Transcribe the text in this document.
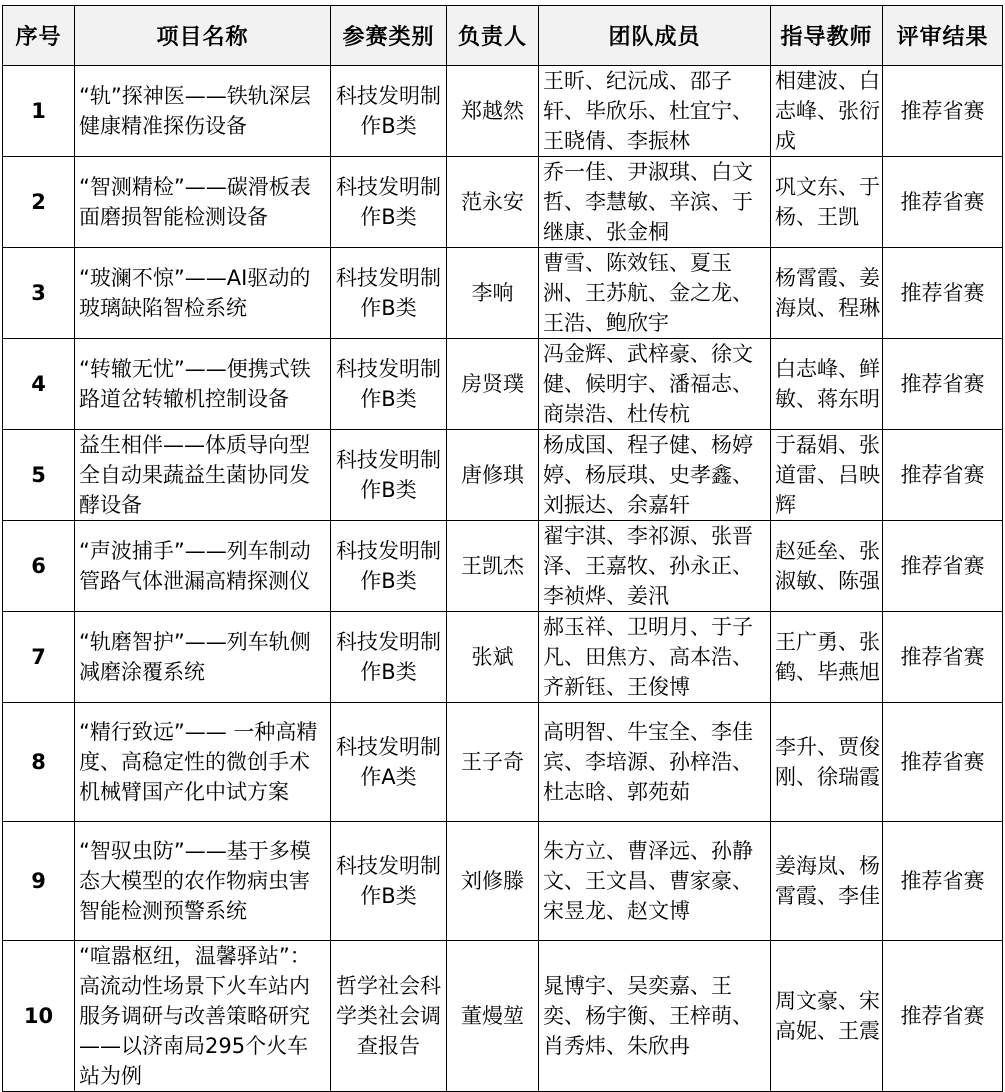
序号	项目名称	参赛类别	负责人	团队成员	指导教师	评审结果
1	“轨”探神医——铁轨深层健康精准探伤设备	科技发明制作B类	郑越然	王昕、纪沅成、邵子轩、毕欣乐、杜宜宁、王晓倩、李振林	相建波、白志峰、张衍成	推荐省赛
2	“智测精检”——碳滑板表面磨损智能检测设备	科技发明制作B类	范永安	乔一佳、尹淑琪、白文哲、李慧敏、辛滨、于继康、张金桐	巩文东、于杨、王凯	推荐省赛
3	“玻澜不惊”——AI驱动的玻璃缺陷智检系统	科技发明制作B类	李响	曹雪、陈效钰、夏玉洲、王苏航、金之龙、王浩、鲍欣宇	杨霄霞、姜海岚、程琳	推荐省赛
4	“转辙无忧”——便携式铁路道岔转辙机控制设备	科技发明制作B类	房贤璞	冯金辉、武梓豪、徐文健、候明宇、潘福志、商崇浩、杜传杭	白志峰、鲜敏、蒋东明	推荐省赛
5	益生相伴——体质导向型全自动果蔬益生菌协同发酵设备	科技发明制作B类	唐修琪	杨成国、程子健、杨婷婷、杨辰琪、史孝鑫、刘振达、余嘉轩	于磊娟、张道雷、吕映辉	推荐省赛
6	“声波捕手”——列车制动管路气体泄漏高精探测仪	科技发明制作B类	王凯杰	翟宇淇、李祁源、张晋泽、王嘉牧、孙永正、李祯烨、姜汛	赵延垒、张淑敏、陈强	推荐省赛
7	“轨磨智护”——列车轨侧减磨涂覆系统	科技发明制作B类	张斌	郝玉祥、卫明月、于子凡、田焦方、高本浩、齐新钰、王俊博	王广勇、张鹤、毕燕旭	推荐省赛
8	“精行致远”—— 一种高精度、高稳定性的微创手术机械臂国产化中试方案	科技发明制作A类	王子奇	高明智、牛宝全、李佳宾、李培源、孙梓浩、杜志晗、郭苑茹	李升、贾俊刚、徐瑞霞	推荐省赛
9	“智驭虫防”——基于多模态大模型的农作物病虫害智能检测预警系统	科技发明制作B类	刘修滕	朱方立、曹泽远、孙静文、王文昌、曹家豪、宋昱龙、赵文博	姜海岚、杨霄霞、李佳	推荐省赛
10	“喧嚣枢纽，温馨驿站”：高流动性场景下火车站内服务调研与改善策略研究——以济南局295个火车站为例	哲学社会科学类社会调查报告	董熳堃	晁博宇、吴奕嘉、王奕、杨宇衡、王梓萌、肖秀炜、朱欣冉	周文豪、宋高妮、王震	推荐省赛
